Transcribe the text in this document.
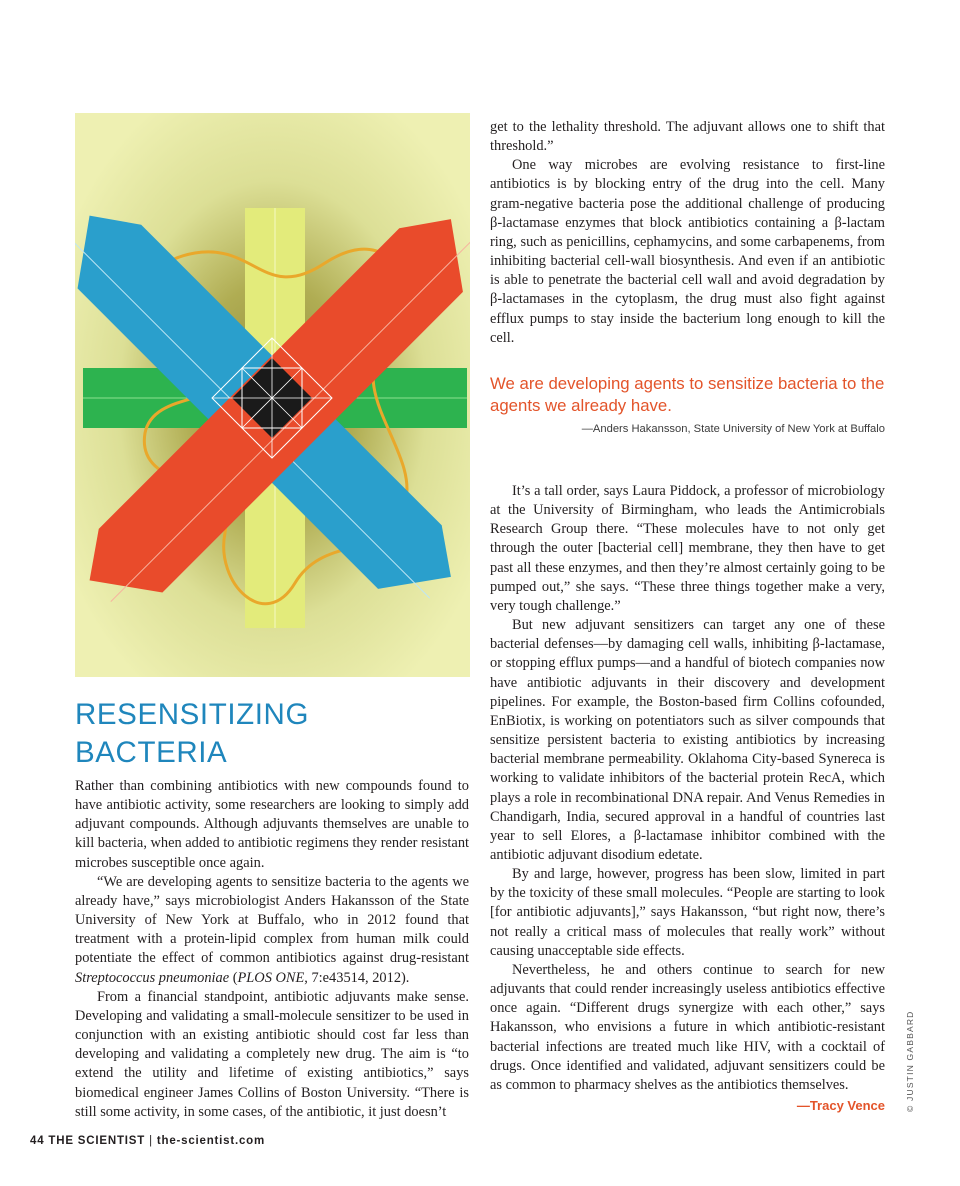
RESENSITIZING
BACTERIA

Rather than combining antibiotics with new compounds found to have antibiotic activity, some researchers are looking to simply add adjuvant compounds. Although adjuvants themselves are unable to kill bacteria, when added to antibiotic regimens they render resistant microbes susceptible once again.

“We are developing agents to sensitize bacteria to the agents we already have,” says microbiologist Anders Hakansson of the State University of New York at Buffalo, who in 2012 found that treatment with a protein-lipid complex from human milk could potentiate the effect of common antibiotics against drug-resistant Streptococcus pneumoniae (PLOS ONE, 7:e43514, 2012).

From a financial standpoint, antibiotic adjuvants make sense. Developing and validating a small-molecule sensitizer to be used in conjunction with an existing antibiotic should cost far less than developing and validating a completely new drug. The aim is “to extend the utility and lifetime of existing antibiotics,” says biomedical engineer James Collins of Boston University. “There is still some activity, in some cases, of the antibiotic, it just doesn’t

get to the lethality threshold. The adjuvant allows one to shift that threshold.”

One way microbes are evolving resistance to first-line antibiotics is by blocking entry of the drug into the cell. Many gram-negative bacteria pose the additional challenge of producing β-lactamase enzymes that block antibiotics containing a β-lactam ring, such as penicillins, cephamycins, and some carbapenems, from inhibiting bacterial cell-wall biosynthesis. And even if an antibiotic is able to penetrate the bacterial cell wall and avoid degradation by β-lactamases in the cytoplasm, the drug must also fight against efflux pumps to stay inside the bacterium long enough to kill the cell.

We are developing agents to sensitize bacteria to the agents we already have.

—Anders Hakansson, State University of New York at Buffalo

It’s a tall order, says Laura Piddock, a professor of microbiology at the University of Birmingham, who leads the Antimicrobials Research Group there. “These molecules have to not only get through the outer [bacterial cell] membrane, they then have to get past all these enzymes, and then they’re almost certainly going to be pumped out,” she says. “These three things together make a very, very tough challenge.”

But new adjuvant sensitizers can target any one of these bacterial defenses—by damaging cell walls, inhibiting β-lactamase, or stopping efflux pumps—and a handful of biotech companies now have antibiotic adjuvants in their discovery and development pipelines. For example, the Boston-based firm Collins cofounded, EnBiotix, is working on potentiators such as silver compounds that sensitize persistent bacteria to existing antibiotics by increasing bacterial membrane permeability. Oklahoma City-based Synereca is working to validate inhibitors of the bacterial protein RecA, which plays a role in recombinational DNA repair. And Venus Remedies in Chandigarh, India, secured approval in a handful of countries last year to sell Elores, a β-lactamase inhibitor combined with the antibiotic adjuvant disodium edetate.

By and large, however, progress has been slow, limited in part by the toxicity of these small molecules. “People are starting to look [for antibiotic adjuvants],” says Hakansson, “but right now, there’s not really a critical mass of molecules that really work” without causing unacceptable side effects.

Nevertheless, he and others continue to search for new adjuvants that could render increasingly useless antibiotics effective once again. “Different drugs synergize with each other,” says Hakansson, who envisions a future in which antibiotic-resistant bacterial infections are treated much like HIV, with a cocktail of drugs. Once identified and validated, adjuvant sensitizers could be as common to pharmacy shelves as the antibiotics themselves.

—Tracy Vence
44 THE SCIENTIST | the-scientist.com
© JUSTIN GABBARD
